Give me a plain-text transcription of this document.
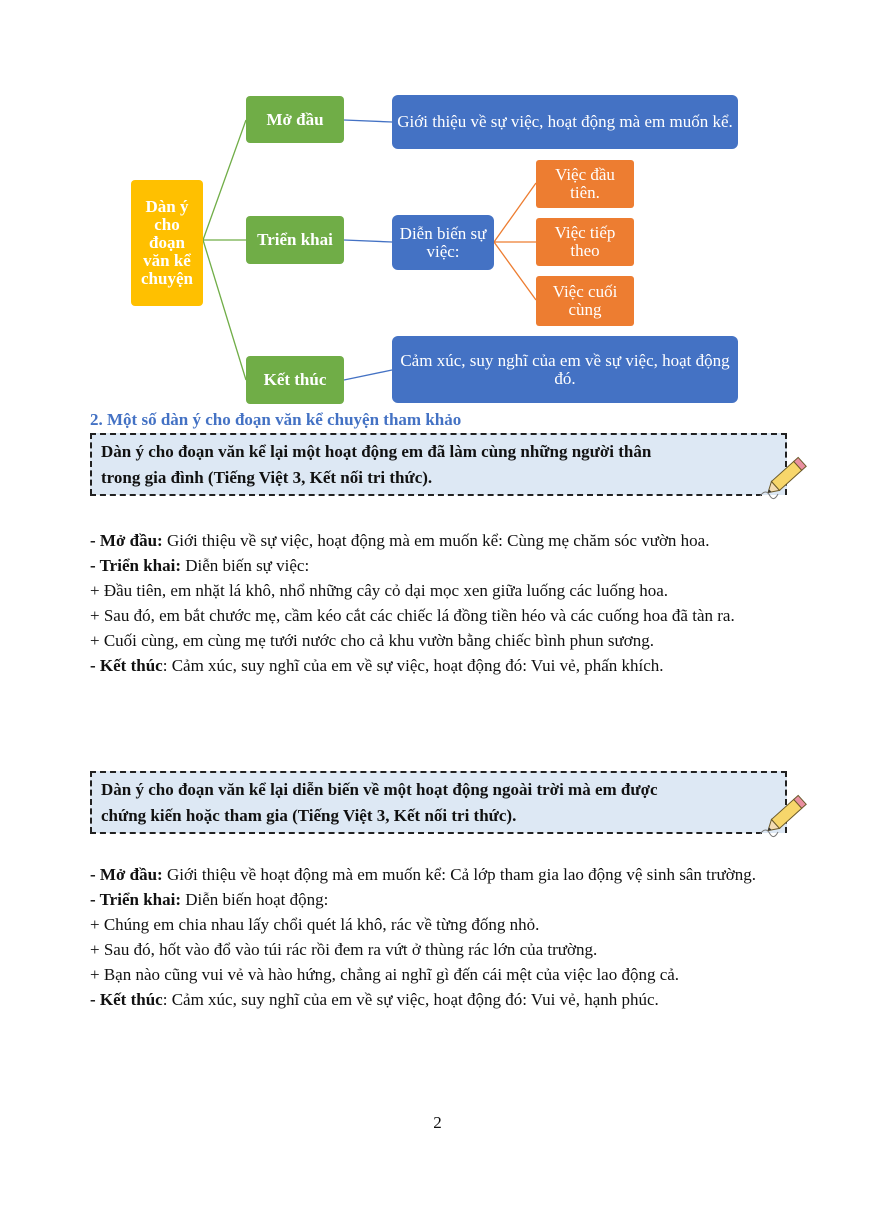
Dàn ý cho đoạn văn kể chuyện
Mở đầu
Triển khai
Kết thúc
Giới thiệu về sự việc, hoạt động mà em muốn kể.
Diễn biến sự việc:
Cảm xúc, suy nghĩ của em về sự việc, hoạt động đó.
Việc đầu tiên.
Việc tiếp theo
Việc cuối cùng
2. Một số dàn ý cho đoạn văn kể chuyện tham khảo
Dàn ý cho đoạn văn kể lại một hoạt động em đã làm cùng những người thân
trong gia đình (Tiếng Việt 3, Kết nối tri thức).

- Mở đầu: Giới thiệu về sự việc, hoạt động mà em muốn kể: Cùng mẹ chăm sóc vườn hoa.

- Triển khai: Diễn biến sự việc:

+ Đầu tiên, em nhặt lá khô, nhổ những cây cỏ dại mọc xen giữa luống các luống hoa.

+ Sau đó, em bắt chước mẹ, cầm kéo cắt các chiếc lá đồng tiền héo và các cuống hoa đã tàn ra.

+ Cuối cùng, em cùng mẹ tưới nước cho cả khu vườn bằng chiếc bình phun sương.

- Kết thúc: Cảm xúc, suy nghĩ của em về sự việc, hoạt động đó: Vui vẻ, phấn khích.

Dàn ý cho đoạn văn kể lại diễn biến về một hoạt động ngoài trời mà em được
chứng kiến hoặc tham gia (Tiếng Việt 3, Kết nối tri thức).

- Mở đầu: Giới thiệu về hoạt động mà em muốn kể: Cả lớp tham gia lao động vệ sinh sân trường.

- Triển khai: Diễn biến hoạt động:

+ Chúng em chia nhau lấy chổi quét lá khô, rác về từng đống nhỏ.

+ Sau đó, hốt vào đổ vào túi rác rồi đem ra vứt ở thùng rác lớn của trường.

+ Bạn nào cũng vui vẻ và hào hứng, chẳng ai nghĩ gì đến cái mệt của việc lao động cả.

- Kết thúc: Cảm xúc, suy nghĩ của em về sự việc, hoạt động đó: Vui vẻ, hạnh phúc.

2
